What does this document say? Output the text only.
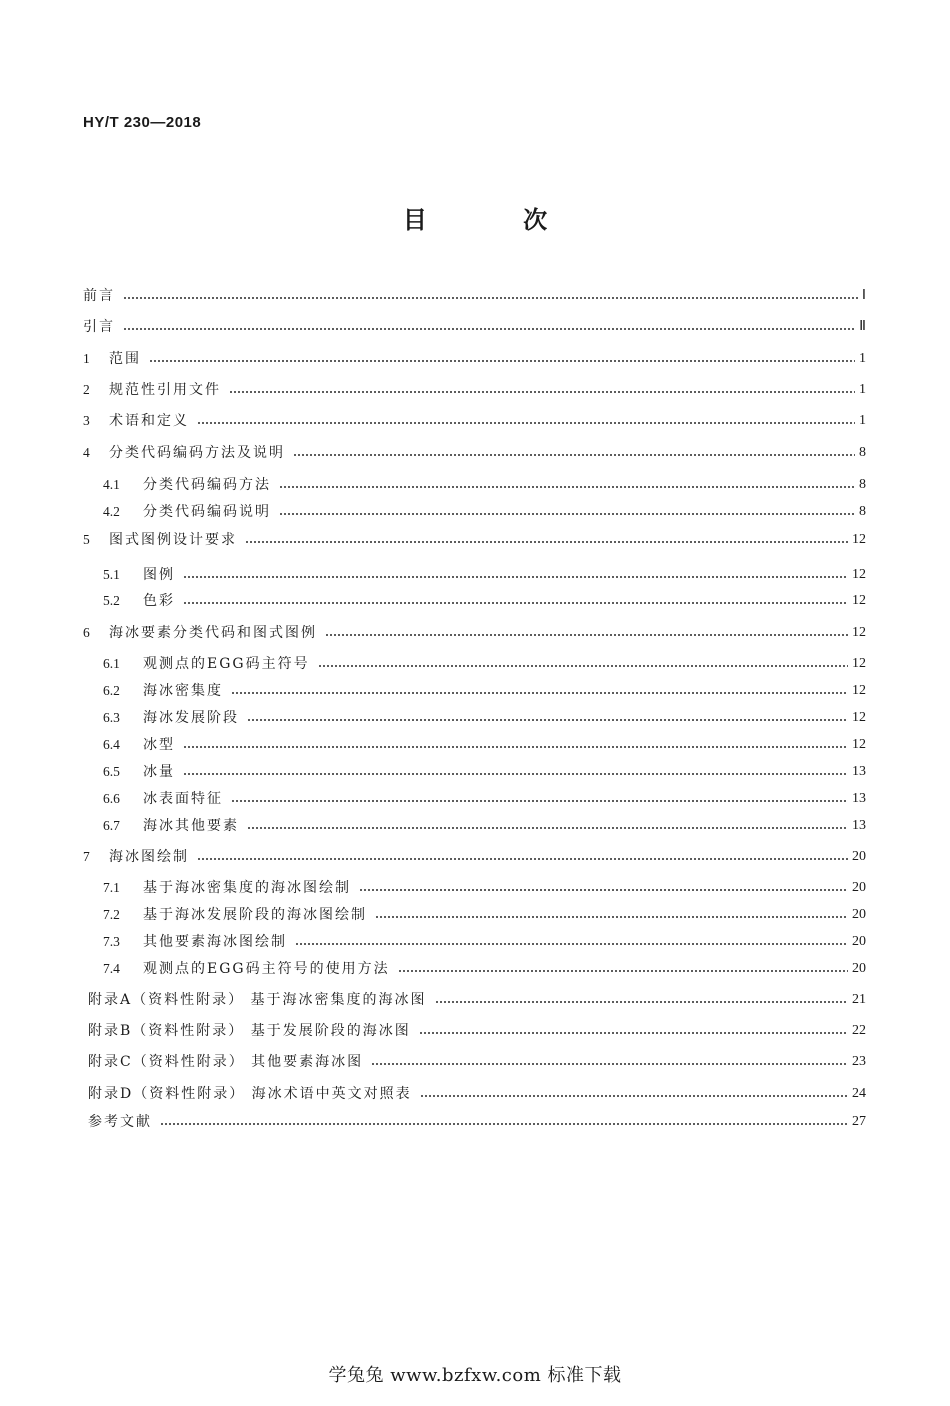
HY/T 230—2018
目 次
前言	Ⅰ
引言	Ⅱ
1	范围	1
2	规范性引用文件	1
3	术语和定义	1
4	分类代码编码方法及说明	8
4.1	分类代码编码方法	8
4.2	分类代码编码说明	8
5	图式图例设计要求	12
5.1	图例	12
5.2	色彩	12
6	海冰要素分类代码和图式图例	12
6.1	观测点的EGG码主符号	12
6.2	海冰密集度	12
6.3	海冰发展阶段	12
6.4	冰型	12
6.5	冰量	13
6.6	冰表面特征	13
6.7	海冰其他要素	13
7	海冰图绘制	20
7.1	基于海冰密集度的海冰图绘制	20
7.2	基于海冰发展阶段的海冰图绘制	20
7.3	其他要素海冰图绘制	20
7.4	观测点的EGG码主符号的使用方法	20
附录A（资料性附录） 基于海冰密集度的海冰图	21
附录B（资料性附录） 基于发展阶段的海冰图	22
附录C（资料性附录） 其他要素海冰图	23
附录D（资料性附录） 海冰术语中英文对照表	24
参考文献	27
学兔兔 www.bzfxw.com 标准下载
